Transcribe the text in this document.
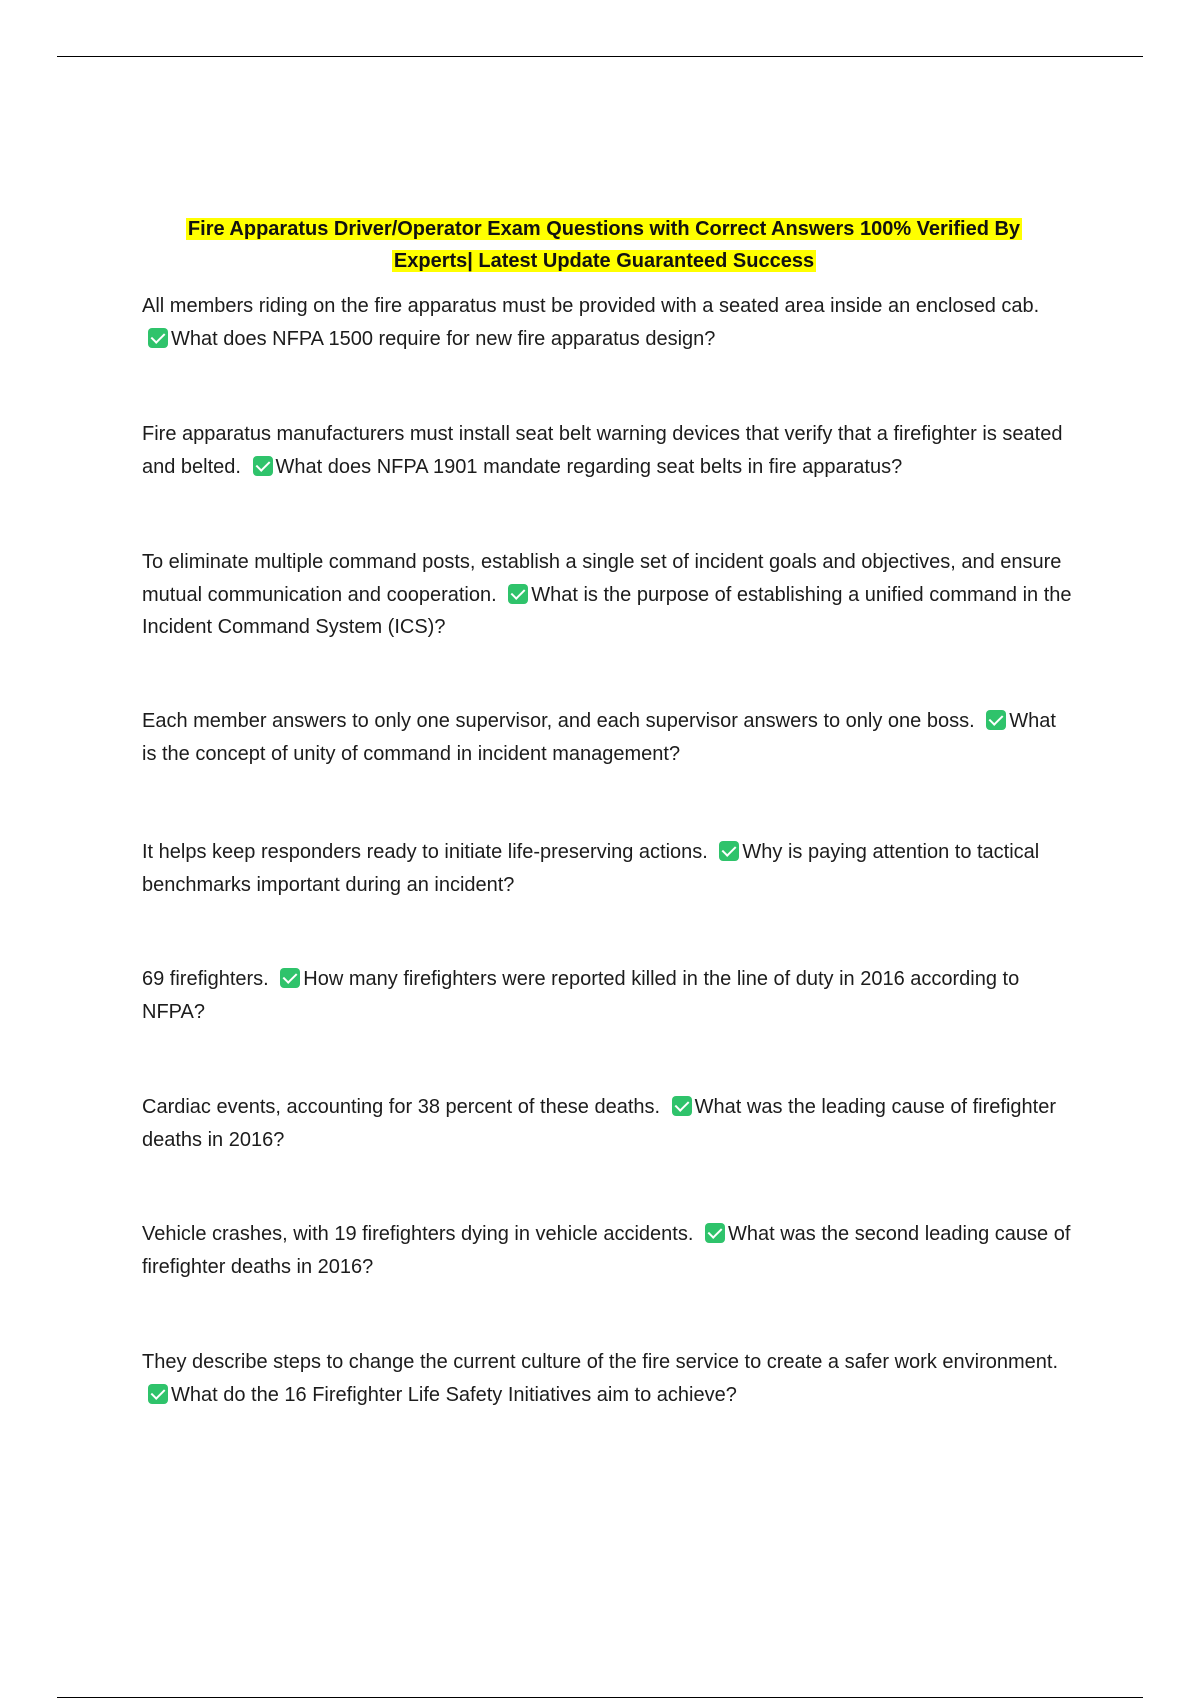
Fire Apparatus Driver/Operator Exam Questions with Correct Answers 100% Verified By
Experts| Latest Update Guaranteed Success
All members riding on the fire apparatus must be provided with a seated area inside an enclosed cab. What does NFPA 1500 require for new fire apparatus design?
Fire apparatus manufacturers must install seat belt warning devices that verify that a firefighter is seated and belted. What does NFPA 1901 mandate regarding seat belts in fire apparatus?
To eliminate multiple command posts, establish a single set of incident goals and objectives, and ensure mutual communication and cooperation. What is the purpose of establishing a unified command in the Incident Command System (ICS)?
Each member answers to only one supervisor, and each supervisor answers to only one boss. What is the concept of unity of command in incident management?
It helps keep responders ready to initiate life-preserving actions. Why is paying attention to tactical benchmarks important during an incident?
69 firefighters. How many firefighters were reported killed in the line of duty in 2016 according to NFPA?
Cardiac events, accounting for 38 percent of these deaths. What was the leading cause of firefighter deaths in 2016?
Vehicle crashes, with 19 firefighters dying in vehicle accidents. What was the second leading cause of firefighter deaths in 2016?
They describe steps to change the current culture of the fire service to create a safer work environment. What do the 16 Firefighter Life Safety Initiatives aim to achieve?
